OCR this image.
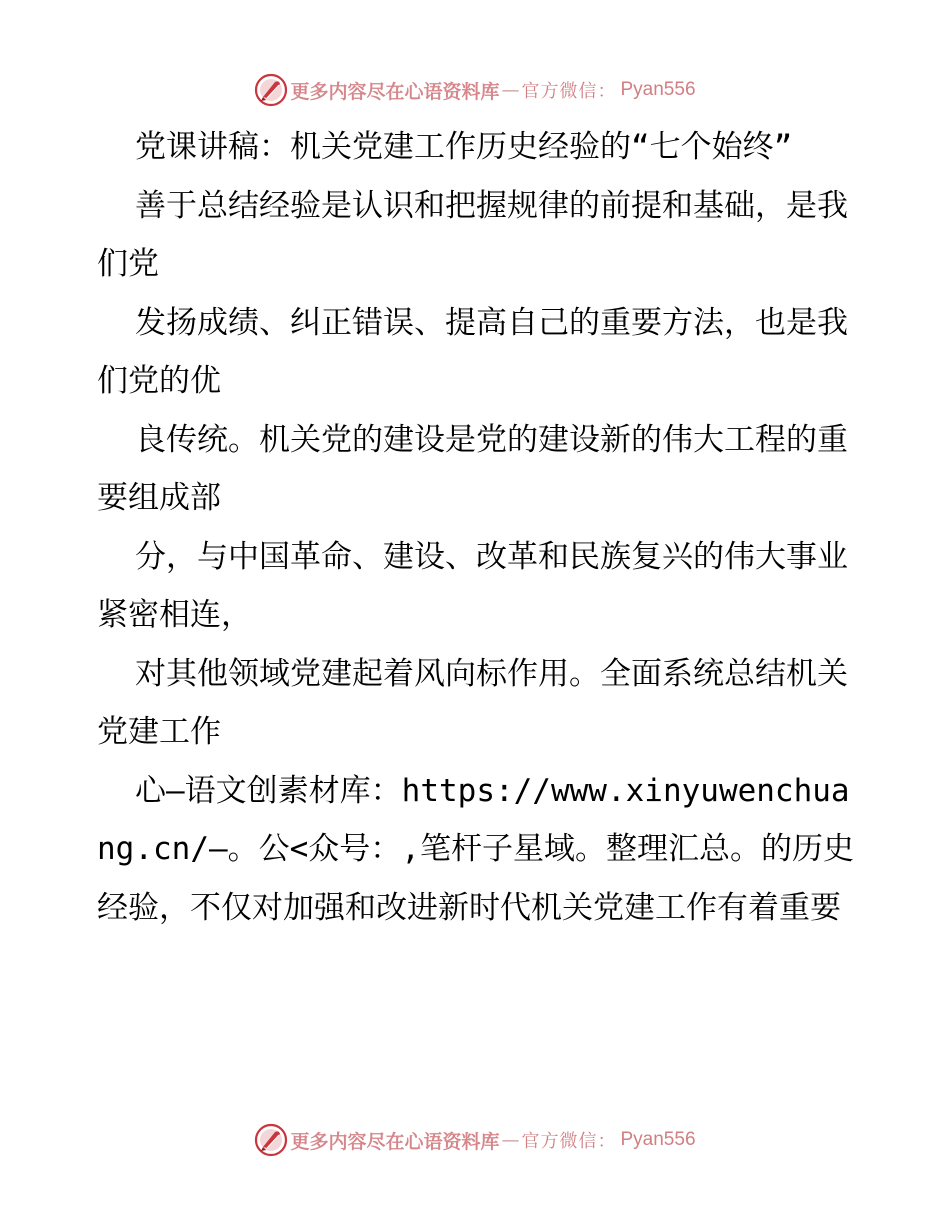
更多内容尽在心语资料库 — 官方微信： Pyan556

党课讲稿：机关党建工作历史经验的“七个始终”

善于总结经验是认识和把握规律的前提和基础，是我们党

发扬成绩、纠正错误、提高自己的重要方法，也是我们党的优

良传统。机关党的建设是党的建设新的伟大工程的重要组成部

分，与中国革命、建设、改革和民族复兴的伟大事业紧密相连，

对其他领域党建起着风向标作用。全面系统总结机关党建工作

心—语文创素材库：https://www.xinyuwenchuang.cn/—。公<众号：,笔杆子星域。整理汇总。的历史经验，不仅对加强和改进新时代机关党建工作有着重要

更多内容尽在心语资料库 — 官方微信： Pyan556
